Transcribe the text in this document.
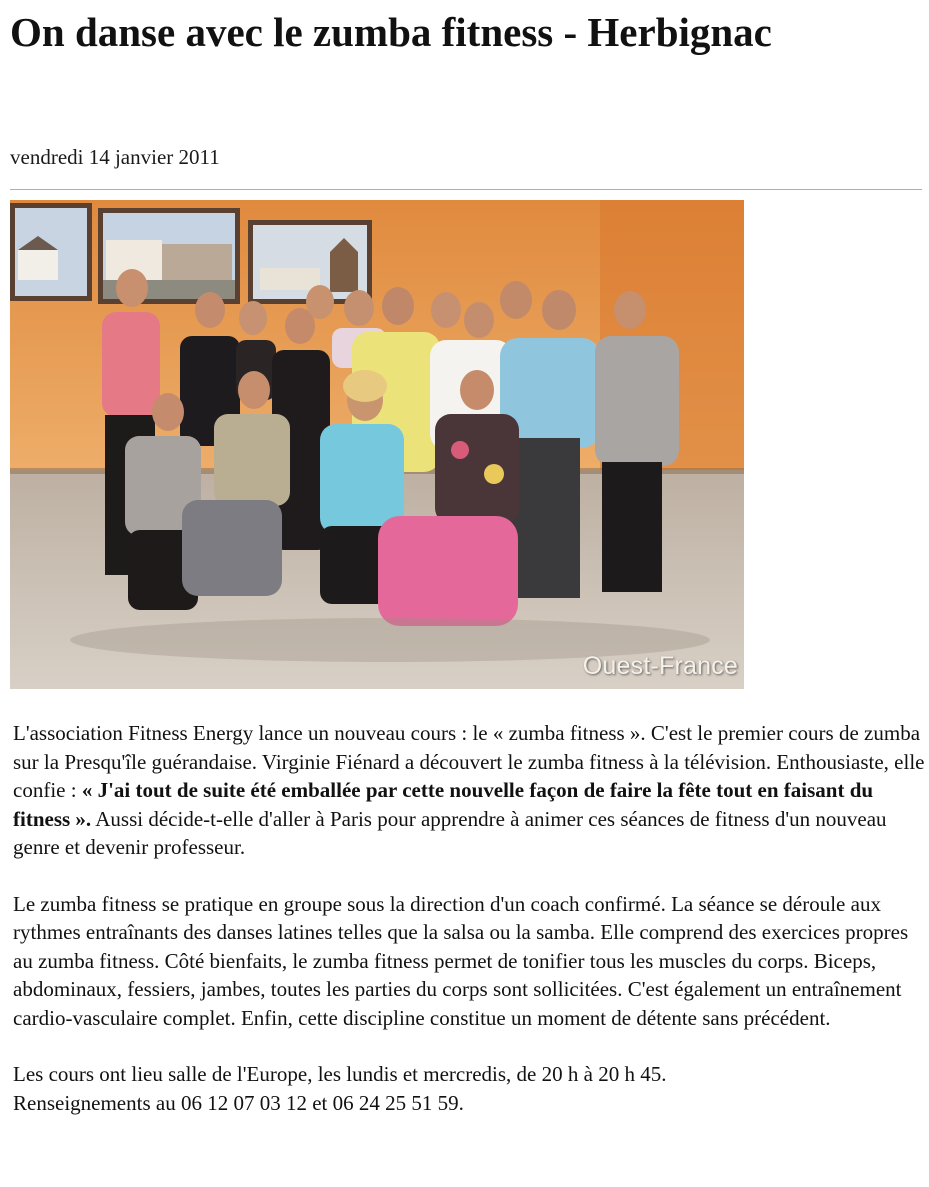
On danse avec le zumba fitness - Herbignac
vendredi 14 janvier 2011
Ouest-France

L'association Fitness Energy lance un nouveau cours : le « zumba fitness ». C'est le premier cours de zumba sur la Presqu'île guérandaise. Virginie Fiénard a découvert le zumba fitness à la télévision. Enthousiaste, elle confie : « J'ai tout de suite été emballée par cette nouvelle façon de faire la fête tout en faisant du fitness ». Aussi décide-t-elle d'aller à Paris pour apprendre à animer ces séances de fitness d'un nouveau genre et devenir professeur.

Le zumba fitness se pratique en groupe sous la direction d'un coach confirmé. La séance se déroule aux rythmes entraînants des danses latines telles que la salsa ou la samba. Elle comprend des exercices propres au zumba fitness. Côté bienfaits, le zumba fitness permet de tonifier tous les muscles du corps. Biceps, abdominaux, fessiers, jambes, toutes les parties du corps sont sollicitées. C'est également un entraînement cardio-vasculaire complet. Enfin, cette discipline constitue un moment de détente sans précédent.

Les cours ont lieu salle de l'Europe, les lundis et mercredis, de 20 h à 20 h 45.
Renseignements au 06 12 07 03 12 et 06 24 25 51 59.
